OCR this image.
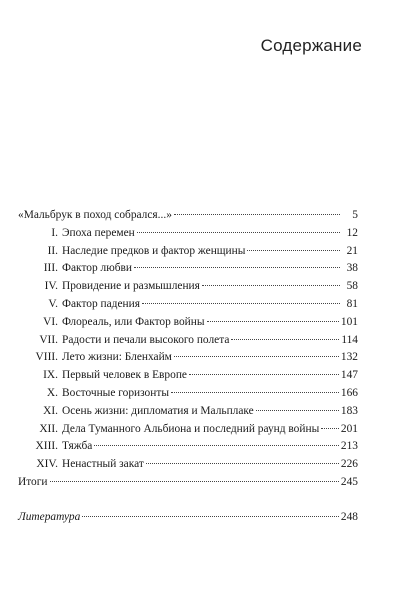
Содержание
«Мальбрук в поход собрался...»	5
I. Эпоха перемен	12
II. Наследие предков и фактор женщины	21
III. Фактор любви	38
IV. Провидение и размышления	58
V. Фактор падения	81
VI. Флореаль, или Фактор войны	101
VII. Радости и печали высокого полета	114
VIII. Лето жизни: Бленхайм	132
IX. Первый человек в Европе	147
X. Восточные горизонты	166
XI. Осень жизни: дипломатия и Мальплаке	183
XII. Дела Туманного Альбиона и последний раунд войны 201
XIII. Тяжба	213
XIV. Ненастный закат	226
Итоги	245
Литература	248
